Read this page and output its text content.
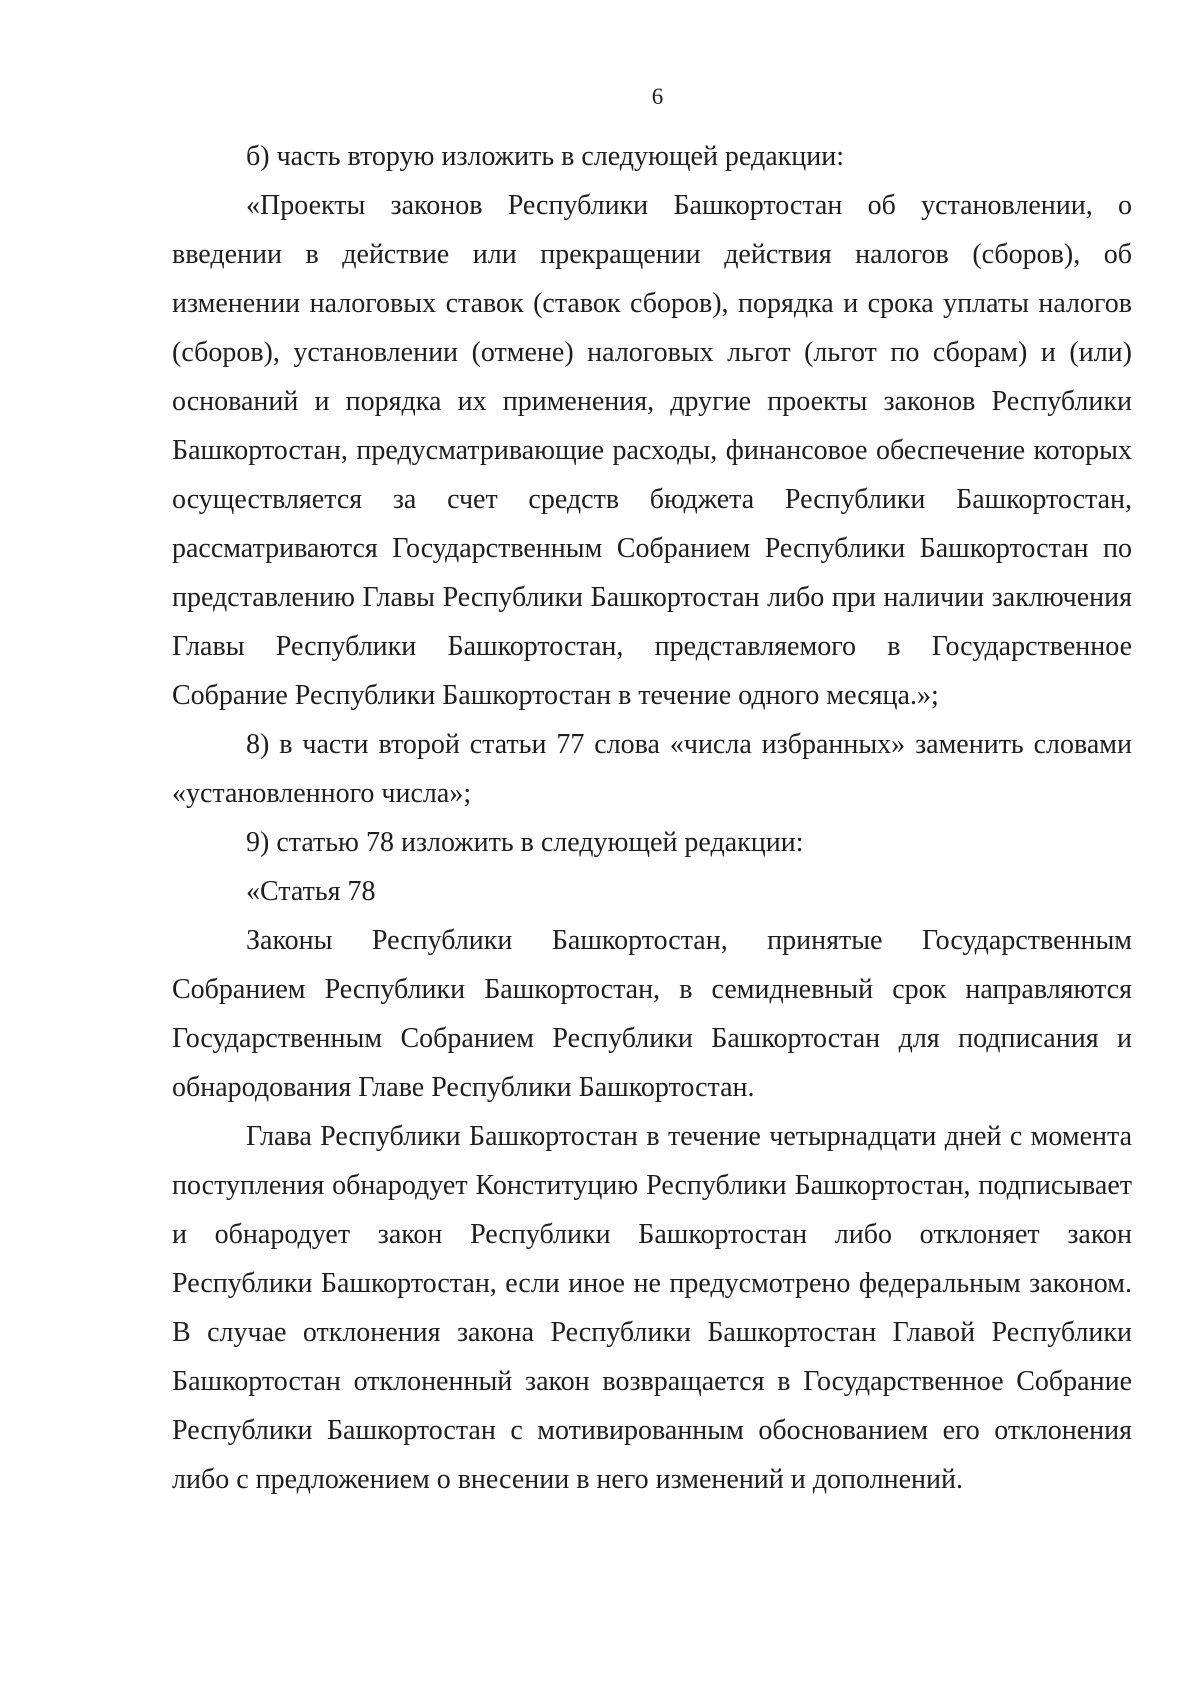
6

б) часть вторую изложить в следующей редакции:

«Проекты законов Республики Башкортостан об установлении, о введении в действие или прекращении действия налогов (сборов), об изменении налоговых ставок (ставок сборов), порядка и срока уплаты налогов (сборов), установлении (отмене) налоговых льгот (льгот по сборам) и (или) оснований и порядка их применения, другие проекты законов Республики Башкортостан, предусматривающие расходы, финансовое обеспечение которых осуществляется за счет средств бюджета Республики Башкортостан, рассматриваются Государственным Собранием Республики Башкортостан по представлению Главы Республики Башкортостан либо при наличии заключения Главы Республики Башкортостан, представляемого в Государственное Собрание Республики Башкортостан в течение одного месяца.»;

8) в части второй статьи 77 слова «числа избранных» заменить словами «установленного числа»;

9) статью 78 изложить в следующей редакции:

«Статья 78

Законы Республики Башкортостан, принятые Государственным Собранием Республики Башкортостан, в семидневный срок направляются Государственным Собранием Республики Башкортостан для подписания и обнародования Главе Республики Башкортостан.

Глава Республики Башкортостан в течение четырнадцати дней с момента поступления обнародует Конституцию Республики Башкортостан, подписывает и обнародует закон Республики Башкортостан либо отклоняет закон Республики Башкортостан, если иное не предусмотрено федеральным законом. В случае отклонения закона Республики Башкортостан Главой Республики Башкортостан отклоненный закон возвращается в Государственное Собрание Республики Башкортостан с мотивированным обоснованием его отклонения либо с предложением о внесении в него изменений и дополнений.
